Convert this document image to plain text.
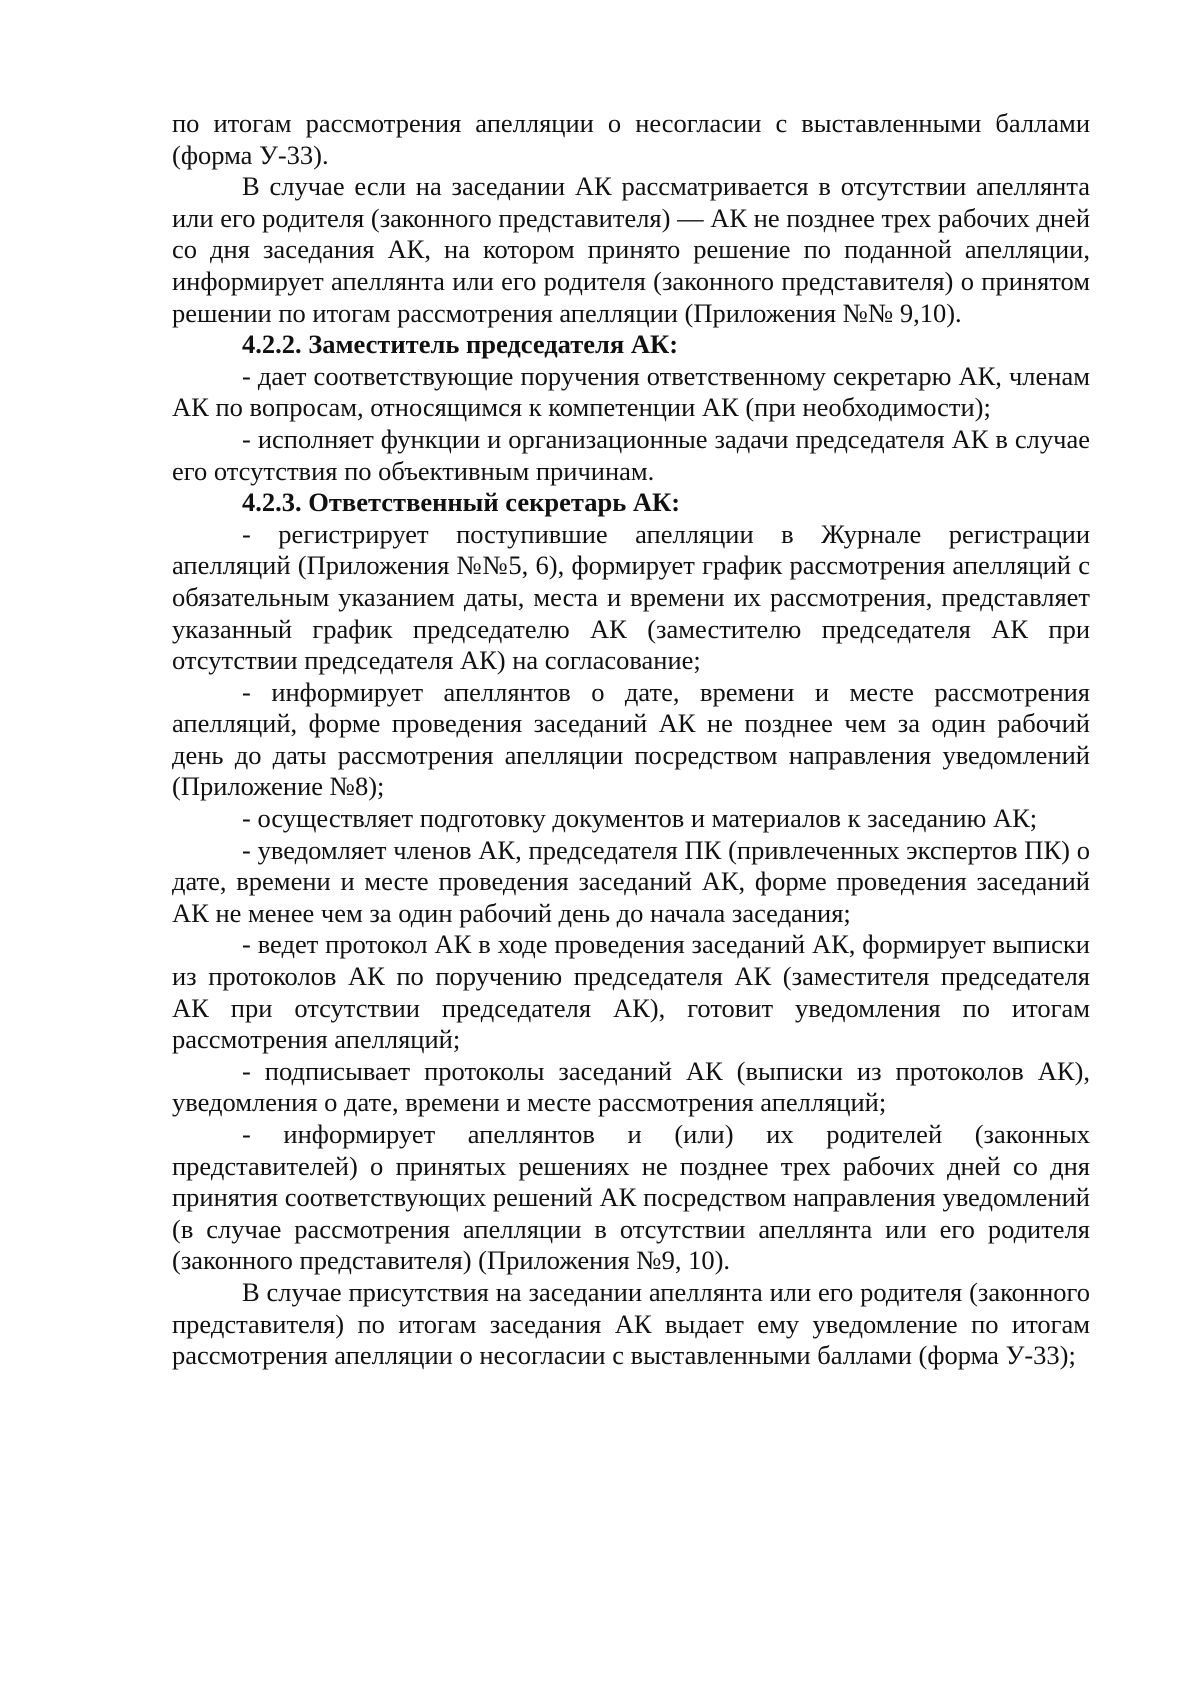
по итогам рассмотрения апелляции о несогласии с выставленными баллами (форма У-33).

В случае если на заседании АК рассматривается в отсутствии апеллянта или его родителя (законного представителя) — АК не позднее трех рабочих дней со дня заседания АК, на котором принято решение по поданной апелляции, информирует апеллянта или его родителя (законного представителя) о принятом решении по итогам рассмотрения апелляции (Приложения №№ 9,10).

4.2.2. Заместитель председателя АК:

- дает соответствующие поручения ответственному секретарю АК, членам АК по вопросам, относящимся к компетенции АК (при необходимости);

- исполняет функции и организационные задачи председателя АК в случае его отсутствия по объективным причинам.

4.2.3. Ответственный секретарь АК:

- регистрирует поступившие апелляции в Журнале регистрации апелляций (Приложения №№5, 6), формирует график рассмотрения апелляций с обязательным указанием даты, места и времени их рассмотрения, представляет указанный график председателю АК (заместителю председателя АК при отсутствии председателя АК) на согласование;

- информирует апеллянтов о дате, времени и месте рассмотрения апелляций, форме проведения заседаний АК не позднее чем за один рабочий день до даты рассмотрения апелляции посредством направления уведомлений (Приложение №8);

- осуществляет подготовку документов и материалов к заседанию АК;

- уведомляет членов АК, председателя ПК (привлеченных экспертов ПК) о дате, времени и месте проведения заседаний АК, форме проведения заседаний АК не менее чем за один рабочий день до начала заседания;

- ведет протокол АК в ходе проведения заседаний АК, формирует выписки из протоколов АК по поручению председателя АК (заместителя председателя АК при отсутствии председателя АК), готовит уведомления по итогам рассмотрения апелляций;

- подписывает протоколы заседаний АК (выписки из протоколов АК), уведомления о дате, времени и месте рассмотрения апелляций;

- информирует апеллянтов и (или) их родителей (законных представителей) о принятых решениях не позднее трех рабочих дней со дня принятия соответствующих решений АК посредством направления уведомлений (в случае рассмотрения апелляции в отсутствии апеллянта или его родителя (законного представителя) (Приложения №9, 10).

В случае присутствия на заседании апеллянта или его родителя (законного представителя) по итогам заседания АК выдает ему уведомление по итогам рассмотрения апелляции о несогласии с выставленными баллами (форма У-33);
